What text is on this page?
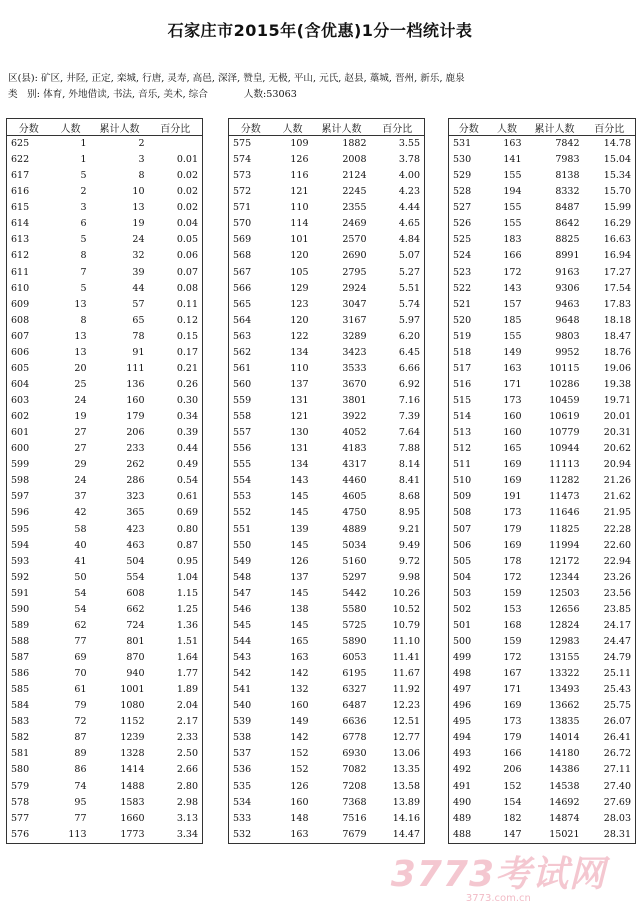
石家庄市2015年(含优惠)1分一档统计表
区(县): 矿区, 井陉, 正定, 栾城, 行唐, 灵寿, 高邑, 深泽, 赞皇, 无极, 平山, 元氏, 赵县, 藁城, 晋州, 新乐, 鹿泉
类　别: 体育, 外地借读, 书法, 音乐, 美术, 综合	人数:53063
分数	人数	累计人数	百分比
625	1	2	
622	1	3	0.01
617	5	8	0.02
616	2	10	0.02
615	3	13	0.02
614	6	19	0.04
613	5	24	0.05
612	8	32	0.06
611	7	39	0.07
610	5	44	0.08
609	13	57	0.11
608	8	65	0.12
607	13	78	0.15
606	13	91	0.17
605	20	111	0.21
604	25	136	0.26
603	24	160	0.30
602	19	179	0.34
601	27	206	0.39
600	27	233	0.44
599	29	262	0.49
598	24	286	0.54
597	37	323	0.61
596	42	365	0.69
595	58	423	0.80
594	40	463	0.87
593	41	504	0.95
592	50	554	1.04
591	54	608	1.15
590	54	662	1.25
589	62	724	1.36
588	77	801	1.51
587	69	870	1.64
586	70	940	1.77
585	61	1001	1.89
584	79	1080	2.04
583	72	1152	2.17
582	87	1239	2.33
581	89	1328	2.50
580	86	1414	2.66
579	74	1488	2.80
578	95	1583	2.98
577	77	1660	3.13
576	113	1773	3.34
分数	人数	累计人数	百分比
575	109	1882	3.55
574	126	2008	3.78
573	116	2124	4.00
572	121	2245	4.23
571	110	2355	4.44
570	114	2469	4.65
569	101	2570	4.84
568	120	2690	5.07
567	105	2795	5.27
566	129	2924	5.51
565	123	3047	5.74
564	120	3167	5.97
563	122	3289	6.20
562	134	3423	6.45
561	110	3533	6.66
560	137	3670	6.92
559	131	3801	7.16
558	121	3922	7.39
557	130	4052	7.64
556	131	4183	7.88
555	134	4317	8.14
554	143	4460	8.41
553	145	4605	8.68
552	145	4750	8.95
551	139	4889	9.21
550	145	5034	9.49
549	126	5160	9.72
548	137	5297	9.98
547	145	5442	10.26
546	138	5580	10.52
545	145	5725	10.79
544	165	5890	11.10
543	163	6053	11.41
542	142	6195	11.67
541	132	6327	11.92
540	160	6487	12.23
539	149	6636	12.51
538	142	6778	12.77
537	152	6930	13.06
536	152	7082	13.35
535	126	7208	13.58
534	160	7368	13.89
533	148	7516	14.16
532	163	7679	14.47
分数	人数	累计人数	百分比
531	163	7842	14.78
530	141	7983	15.04
529	155	8138	15.34
528	194	8332	15.70
527	155	8487	15.99
526	155	8642	16.29
525	183	8825	16.63
524	166	8991	16.94
523	172	9163	17.27
522	143	9306	17.54
521	157	9463	17.83
520	185	9648	18.18
519	155	9803	18.47
518	149	9952	18.76
517	163	10115	19.06
516	171	10286	19.38
515	173	10459	19.71
514	160	10619	20.01
513	160	10779	20.31
512	165	10944	20.62
511	169	11113	20.94
510	169	11282	21.26
509	191	11473	21.62
508	173	11646	21.95
507	179	11825	22.28
506	169	11994	22.60
505	178	12172	22.94
504	172	12344	23.26
503	159	12503	23.56
502	153	12656	23.85
501	168	12824	24.17
500	159	12983	24.47
499	172	13155	24.79
498	167	13322	25.11
497	171	13493	25.43
496	169	13662	25.75
495	173	13835	26.07
494	179	14014	26.41
493	166	14180	26.72
492	206	14386	27.11
491	152	14538	27.40
490	154	14692	27.69
489	182	14874	28.03
488	147	15021	28.31
3773考试网
3773.com.cn
